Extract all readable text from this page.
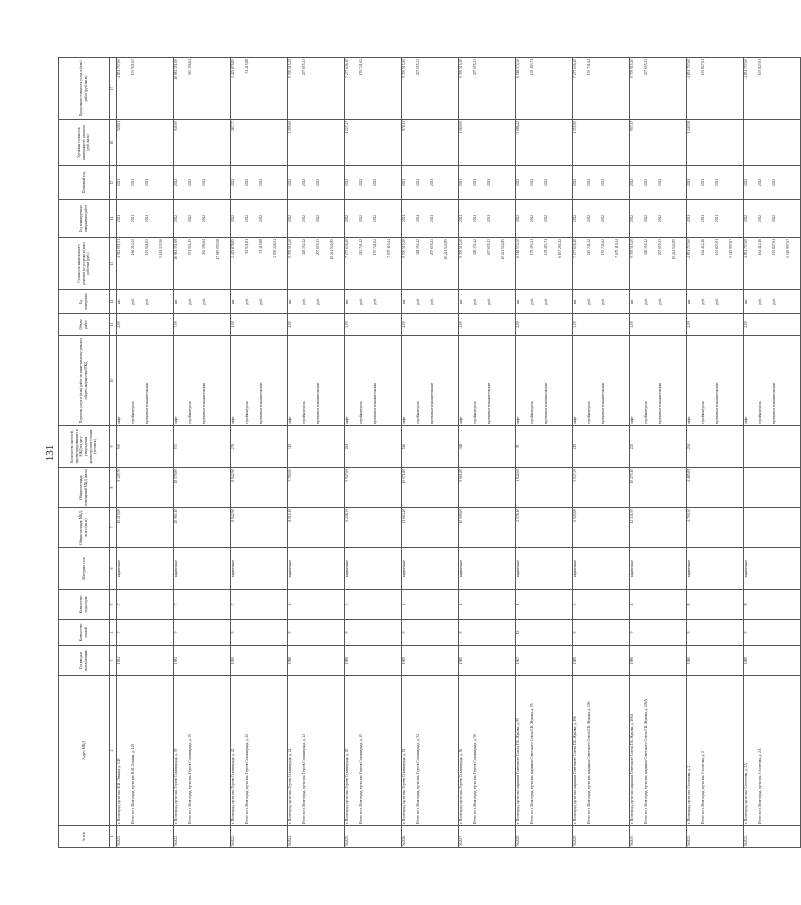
131
№ п/п	Адрес МКД	Год ввода в эксплуатацию	Количество этажей	Количество подъездов	Материал стен	Общая площадь МКД, всего (кв.м)	Общая площадь помещений МКД (кв.м)	Количество жителей, зарегистрированных в МКД на дату утверждения краткосрочного плана (человек)	Перечень услуг и (или) работ по капитальному ремонту общего имущества МКД	Объем работ	Ед. измерения	Стоимость капитального ремонта по услугам и (или) работам (руб.)	Год планируемого завершения работ	Плановый год	Удельная стоимость капитального ремонта (руб./кв.м)	Предельная стоимость услуг и (или) работ (руб./кв.м)
1	2	3	4	5	6	7	8	9	10	11	12	13	14	15	16	17
56.821.	г. Волгоград, пр-кт им. В.И. Ленина, д. 149 Итого по г. Волгоград, пр-кт им. В.И. Ленина, д. 149	1964	7	7	кирпичные	10 219,60	9 329,70	530	лифт стройконтроль проектные изыскательские	2,00	шт. руб. руб.	4 912 001,51 166 212,42 103 921,63 5 182 135,56	2021 2021 2021	2021 2021 2021	528,81	4 851 757,60 103 921,63

56.822.	г. Волгоград, пр-кт им. Героев Сталинграда, д. 39 Итого по г. Волгоград, пр-кт им. Героев Сталинграда, д. 39	1984	9	7	кирпичные	20 060,10	18 579,80	573	лифт стройконтроль проектные изыскательские	7,00	шт. руб. руб.	16 981 151,69 574 511,25 363 396,64 17 919 059,58	2022 2022 2022	2022 2022 2022	945,00	16 981 151,69 363 396,64

56.823.	г. Волгоград, пр-кт им. Героев Сталинграда, д. 42 Итого по г. Волгоград, пр-кт им. Героев Сталинграда, д. 42	1990	9	7	кирпичные	8 942,90	8 942,90	276	лифт стройконтроль проектные изыскательские	1,00	шт. руб. руб.	2 425 878,85 81 931,81 51 415,88 2 559 226,54	2022 2022 2022	2022 2022 2022	287,77	2 425 878,85 51 415,88

56.824.	г. Волгоград, пр-кт им. Героев Сталинграда, д. 44 Итого по г. Волгоград, пр-кт им. Героев Сталинграда, д. 44	1988	9	4	кирпичные	8 010,10	7 780,00	310	лифт стройконтроль проектные изыскательские	4,00	шт. руб. руб.	9 705 515,20 328 352,42 207 655,23 10 241 522,85	2022 2022 2022	2022 2022 2022	1 295,60	9 705 515,20 207 655,23

56.825.	г. Волгоград, пр-кт им. Героев Сталинграда, д. 45 Итого по г. Волгоград, пр-кт им. Героев Сталинграда, д. 45	1986	9	3	кирпичные	6 248,30	5 947,60	261	лифт стройконтроль проектные изыскательские	3,00	шт. руб. руб.	7 277 636,40 245 741,42 155 741,62 7 679 119,44	2022 2022 2022	2022 2022 2022	1 227,47	7 277 636,40 155 741,62

56.826.	г. Волгоград, пр-кт им. Героев Сталинграда, д. 52 Итого по г. Волгоград, пр-кт им. Героев Сталинграда, д. 52	1985	9	4	кирпичные	11 663,40	10 071,80	546	лифт стройконтроль проектные изыскательские	4,00	шт. руб. руб.	9 705 515,20 328 352,42 207 655,23 10 241 522,85	2021 2021 2021	2021 2021 2021	878,11	9 705 515,20 207 655,23

56.827.	г. Волгоград, пр-кт им. Героев Сталинграда, д. 56 Итого по г. Волгоград, пр-кт им. Героев Сталинграда, д. 56	1985	9	4	кирпичные	10 509,60	9 661,80	368	лифт стройконтроль проектные изыскательские	4,00	шт. руб. руб.	9 705 515,20 328 352,42 207 655,23 10 241 522,85	2021 2021 2021	2021 2021 2021	1 060,00	9 705 515,20 207 655,23

56.828.	г. Волгоград, пр-кт им. маршала Советского Союза Г.К. Жукова, д. 95 Итого по г. Волгоград, пр-кт им. маршала Советского Союза Г.К. Жукова, д. 95	1967	12	1	кирпичные	2 578,10	1 842,60	39	лифт стройконтроль проектные изыскательские	2,00	шт. руб. руб.	6 518 574,30 179 193,21 139 493,71 6 837 261,22	2022 2022 2022	2022 2022 2022	3 686,42	6 518 574,30 139 493,71

56.829.	г. Волгоград, пр-кт им. маршала Советского Союза Г.К. Жукова, д. 106 Итого по г. Волгоград, пр-кт им. маршала Советского Союза Г.К. Жукова, д. 106	1985	9	3	кирпичные	6 520,60	5 537,30	219	лифт стройконтроль проектные изыскательские	3,00	шт. руб. руб.	7 277 636,40 245 741,42 155 741,62 7 679 119,44	2022 2022 2022	2022 2022 2022	1 155,90	7 277 636,40 155 741,62

56.830.	г. Волгоград, пр-кт им. маршала Советского Союза Г.К. Жукова, д. 106А Итого по г. Волгоград, пр-кт им. маршала Советского Союза Г.К. Жукова, д. 106А	1986	9	4	кирпичные	12 131,50	10 270,10	225	лифт стройконтроль проектные изыскательские	4,00	шт. руб. руб.	9 705 515,20 328 352,42 207 655,23 10 241 522,85	2022 2022 2022	2022 2022 2022	997,17	9 705 515,20 207 655,23

56.831.	г. Волгоград, пр-кт им. Столетова, д. 2 Итого по г. Волгоград, пр-кт им. Столетова, д. 2	1980	9	8	кирпичные	4 700,30	4 485,89	294	лифт стройконтроль проектные изыскательские	2,00	шт. руб. руб.	4 851 757,60 164 412,46 103 827,61 5 119 997,67	2021 2021 2021	2021 2021 2021	1 140,58	4 851 757,60 103 827,61

56.832.	г. Волгоград, пр-кт им. Столетова, д. 2А Итого по г. Волгоград, пр-кт им. Столетова, д. 2А	1980	9	8	кирпичные				лифт стройконтроль проектные изыскательские	2,00	шт. руб. руб.	4 851 757,60 164 412,46 103 827,61 5 119 997,67	2022 2022 2022	2022 2022 2022		4 851 757,60 103 827,61
